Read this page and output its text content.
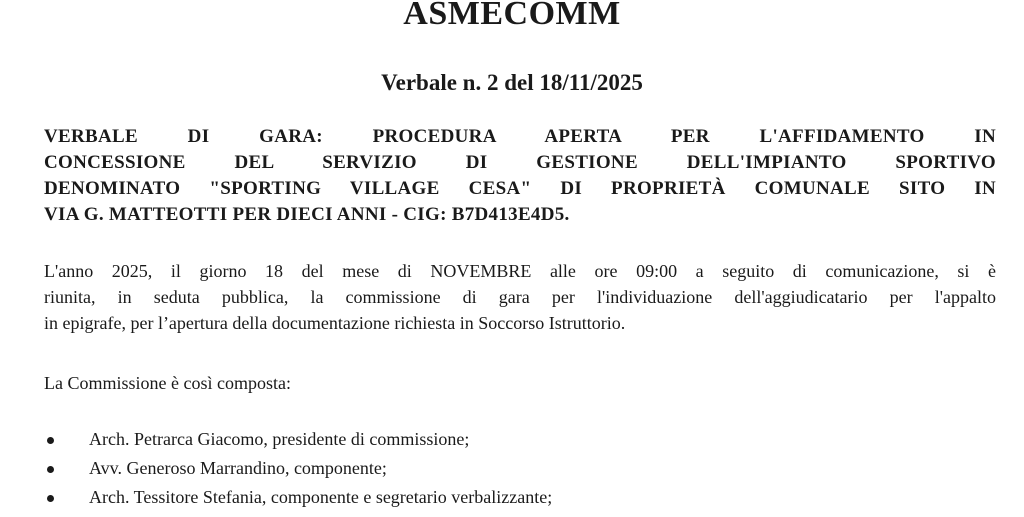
ASMECOMM
Verbale n. 2 del 18/11/2025
VERBALE DI GARA: PROCEDURA APERTA PER L'AFFIDAMENTO IN
CONCESSIONE DEL SERVIZIO DI GESTIONE DELL'IMPIANTO SPORTIVO
DENOMINATO "SPORTING VILLAGE CESA" DI PROPRIETÀ COMUNALE SITO IN
VIA G. MATTEOTTI PER DIECI ANNI - CIG: B7D413E4D5.
L'anno 2025, il giorno 18 del mese di NOVEMBRE alle ore 09:00 a seguito di comunicazione, si è
riunita, in seduta pubblica, la commissione di gara per l'individuazione dell'aggiudicatario per l'appalto
in epigrafe, per l’apertura della documentazione richiesta in Soccorso Istruttorio.
La Commissione è così composta:
Arch. Petrarca Giacomo, presidente di commissione;
Avv. Generoso Marrandino, componente;
Arch. Tessitore Stefania, componente e segretario verbalizzante;
